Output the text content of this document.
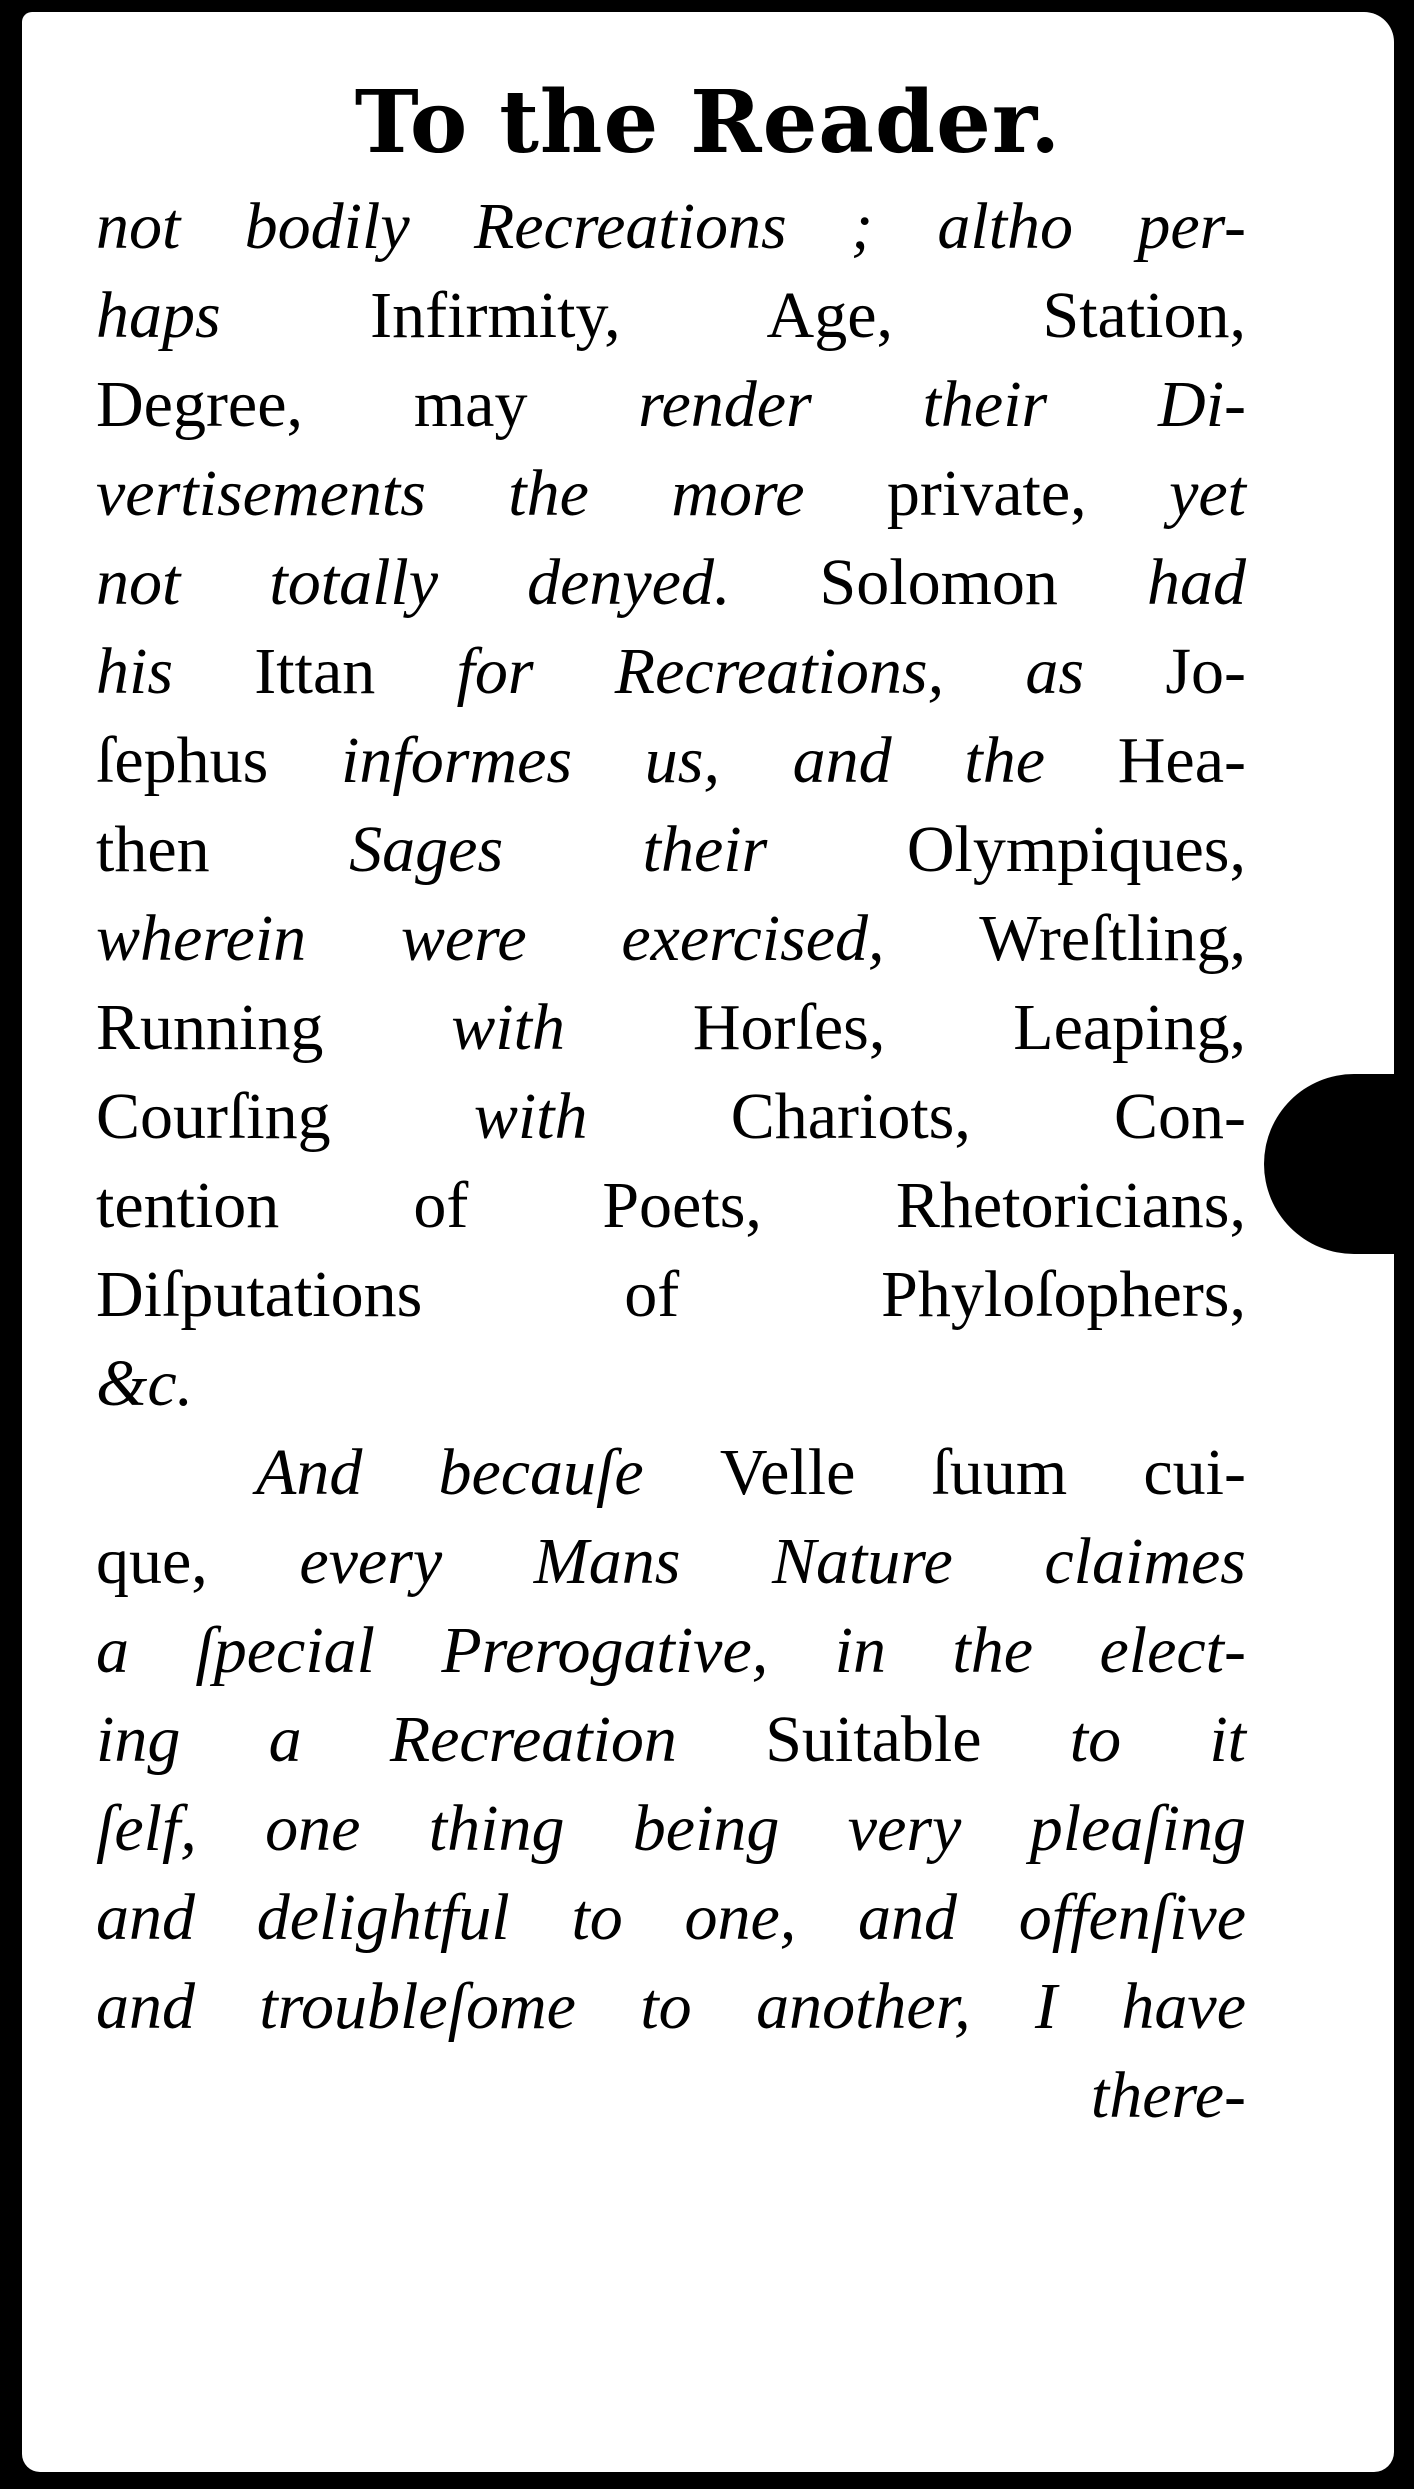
To the Reader.
not bodily Recreations ; altho per-
haps Infirmity, Age, Station,
Degree, may render their Di-
vertisements the more private, yet
not totally denyed. Solomon had
his Ittan for Recreations, as Jo-
ſephus informes us, and the Hea-
then Sages their Olympiques,
wherein were exercised, Wreſtling,
Running with Horſes, Leaping,
Courſing with Chariots, Con-
tention of Poets, Rhetoricians,
Diſputations of Phyloſophers,
&c.
And becauſe Velle ſuum cui-
que, every Mans Nature claimes
a ſpecial Prerogative, in the elect-
ing a Recreation Suitable to it
ſelf, one thing being very pleaſing
and delightful to one, and offenſive
and troubleſome to another, I have
there-
